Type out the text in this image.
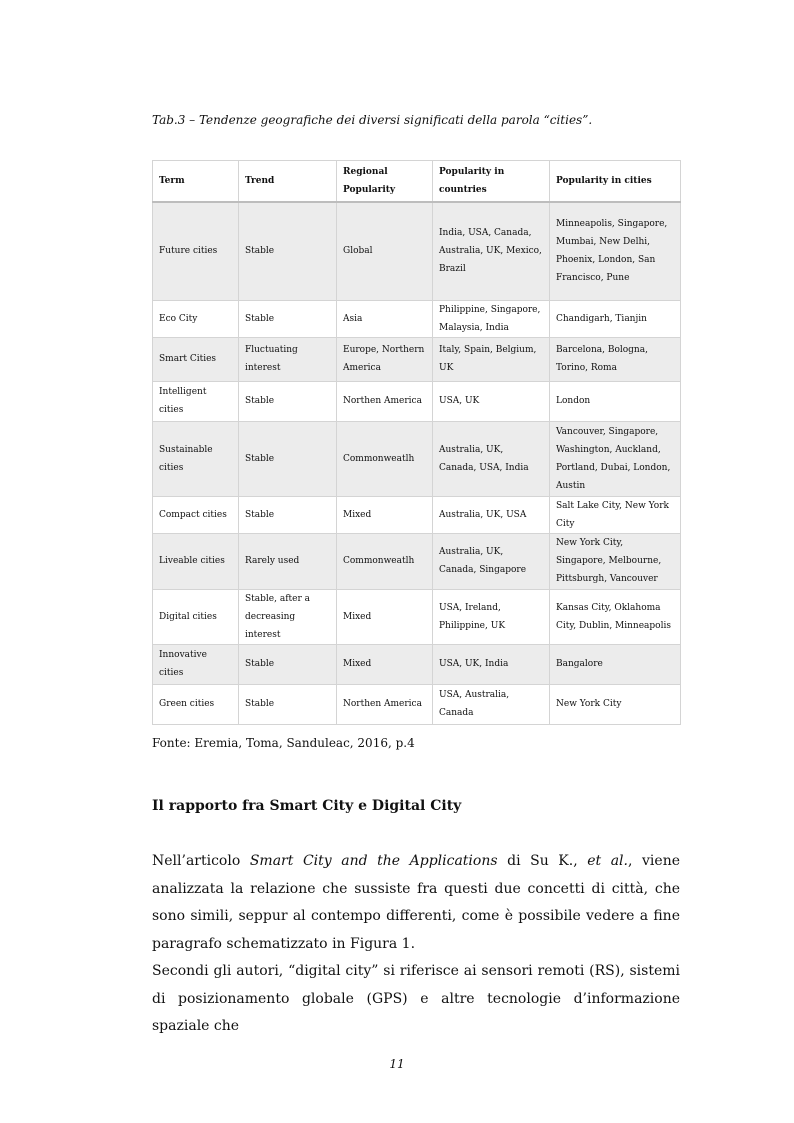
Tab.3 – Tendenze geografiche dei diversi significati della parola “cities”.
Term	Trend	Regional Popularity	Popularity in countries	Popularity in cities
Future cities	Stable	Global	India, USA, Canada, Australia, UK, Mexico, Brazil	Minneapolis, Singapore, Mumbai, New Delhi, Phoenix, London, San Francisco, Pune
Eco City	Stable	Asia	Philippine, Singapore, Malaysia, India	Chandigarh, Tianjin
Smart Cities	Fluctuating interest	Europe, Northern America	Italy, Spain, Belgium, UK	Barcelona, Bologna, Torino, Roma
Intelligent cities	Stable	Northen America	USA, UK	London
Sustainable cities	Stable	Commonweatlh	Australia, UK, Canada, USA, India	Vancouver, Singapore, Washington, Auckland, Portland, Dubai, London, Austin
Compact cities	Stable	Mixed	Australia, UK, USA	Salt Lake City, New York City
Liveable cities	Rarely used	Commonweatlh	Australia, UK, Canada, Singapore	New York City, Singapore, Melbourne, Pittsburgh, Vancouver
Digital cities	Stable, after a decreasing interest	Mixed	USA, Ireland, Philippine, UK	Kansas City, Oklahoma City, Dublin, Minneapolis
Innovative cities	Stable	Mixed	USA, UK, India	Bangalore
Green cities	Stable	Northen America	USA, Australia, Canada	New York City
Fonte: Eremia, Toma, Sanduleac, 2016, p.4
Il rapporto fra Smart City e Digital City

Nell’articolo Smart City and the Applications di Su K., et al., viene analizzata la relazione che sussiste fra questi due concetti di città, che sono simili, seppur al contempo differenti, come è possibile vedere a fine paragrafo schematizzato in Figura 1.

Secondi gli autori, “digital city” si riferisce ai sensori remoti (RS), sistemi di posizionamento globale (GPS) e altre tecnologie d’informazione spaziale che

11
